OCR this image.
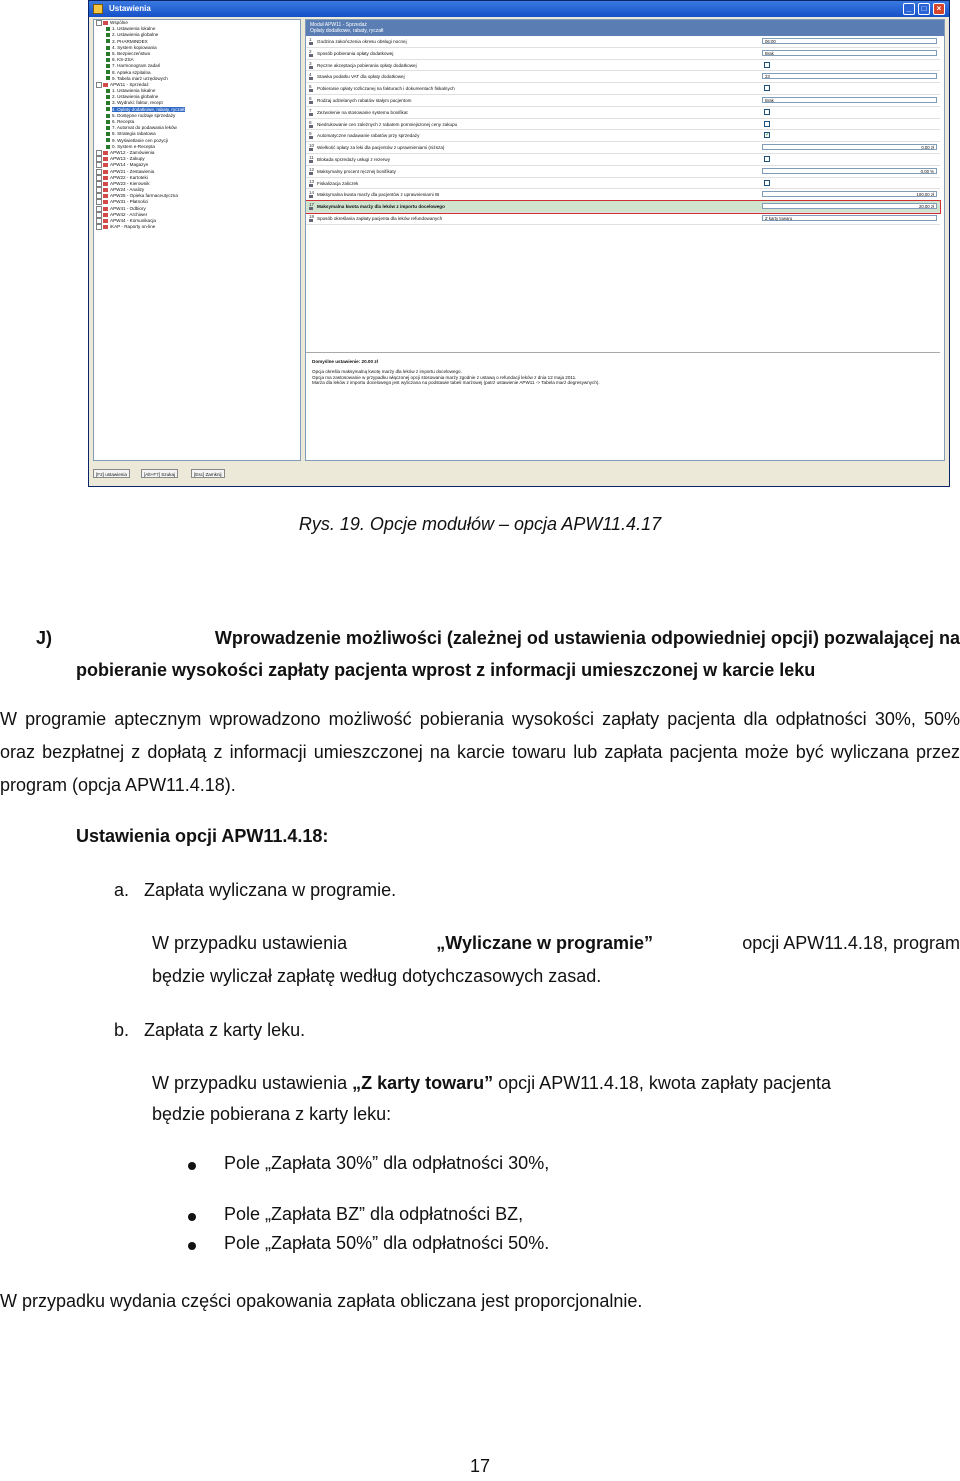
Ustawienia	_	□	×
Wspólne
1. Ustawienia lokalne
2. Ustawienia globalne
3. PHARMINDEX
4. System kopiowania
5. Bezpieczeństwo
6. KS-ZSA
7. Harmonogram zadań
8. Apteka szpitalna
9. Tabela marż urzędowych
APW11 - Sprzedaż
1. Ustawienia lokalne
2. Ustawienia globalne
3. Wydruki: faktur, recept
4. Opłaty dodatkowe, rabaty, ryczałt
5. Dostępne rodzaje sprzedaży
6. Recepta
7. Automat do podawania leków
8. Strategia rabatowa
9. Wyświetlanie cen pozycji
0. System e-Recepta
APW12 - Zamówienia
APW13 - Zakupy
APW14 - Magazyn
APW21 - Zestawienia
APW22 - Kartoteki
APW23 - Kierownik
APW24 - Analizy
APW25 - Opieka farmaceutyczna
APW31 - Płatności
APW41 - Odbiory
APW42 - Archiwer
APW44 - Komunikacja
iKAP - Raporty on-line
Moduł APW11 - Sprzedaż
Opłaty dodatkowe, rabaty, ryczałt
1 Godzina zakończenia okresu obsługi nocnej	06:00
2 Sposób pobierania opłaty dodatkowej	Brak
3 Ręczne akceptacja pobierania opłaty dodatkowej
4 Stawka podatku VAT dla opłaty dodatkowej	23
5 Pobieranie opłaty rozliczanej na fakturach i dokumentach fiskalnych
6 Rodzaj udzielanych rabatów stałym pacjentom	Brak
7 Zezwolenie na stosowanie systemu bonifikat
8 Niedrukowanie cen zależnych z rabatem pomniejszonej ceny zakupu
9 Automatyczne nadawanie rabatów przy sprzedaży	✓
10 Wielkość opłaty za leki dla pacjentów z uprawnieniami (niższa)	0.00 zł
11 Blokada sprzedaży usługi z rezerwy
12 Maksymalny procent ręcznej bonifikaty	0.00 %
13 Fiskalizacja zaliczek
14 Maksymalna kwota marży dla pacjentów z uprawnieniami IB	100.00 zł
17 Maksymalna kwota marży dla leków z importu docelowego	20.00 zł
18 Sposób określania zapłaty pacjenta dla leków refundowanych	Z karty towaru
Domyślne ustawienie: 20.00 zł
Opcja określa maksymalną kwotę marży dla leków z importu docelowego.
Opcja ma zastosowanie w przypadku włączonej opcji stosowania marży zgodnie z ustawą o refundacji leków z dnia 12 maja 2011.
Marża dla leków z importu docelowego jest wyliczana na podstawie tabeli marżowej (patrz ustawienie APW11 -> Tabela marż degresywnych).
[F2] ustawienia	[Alt+F7] Szukaj	[Esc] Zamknij
Rys. 19. Opcje modułów – opcja APW11.4.17
J)	Wprowadzenie możliwości (zależnej od ustawienia odpowiedniej opcji) pozwalającej na
pobieranie wysokości zapłaty pacjenta wprost z informacji umieszczonej w karcie leku
W programie aptecznym wprowadzono możliwość pobierania wysokości zapłaty pacjenta dla odpłatności 30%, 50% oraz bezpłatnej z dopłatą z informacji umieszczonej na karcie towaru lub zapłata pacjenta może być wyliczana przez program (opcja APW11.4.18).
Ustawienia opcji APW11.4.18:
a. Zapłata wyliczana w programie.
W przypadku ustawienia	„Wyliczane w programie”	opcji APW11.4.18, program
będzie wyliczał zapłatę według dotychczasowych zasad.
b. Zapłata z karty leku.
W przypadku ustawienia „Z karty towaru” opcji APW11.4.18, kwota zapłaty pacjenta
będzie pobierana z karty leku:
Pole „Zapłata 30%” dla odpłatności 30%,
Pole „Zapłata BZ” dla odpłatności BZ,
Pole „Zapłata 50%” dla odpłatności 50%.
W przypadku wydania części opakowania zapłata obliczana jest proporcjonalnie.
17
